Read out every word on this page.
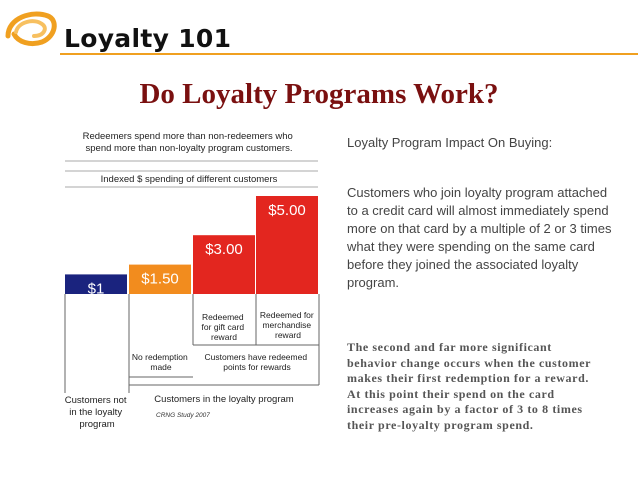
Loyalty 101
Do Loyalty Programs Work?
Redeemers spend more than non-redeemers who spend more than non-loyalty program customers.
Indexed $ spending of different customers
$1
$1.50
$3.00
$5.00
Redeemed for gift card reward
Redeemed for merchandise reward
No redemption made
Customers have redeemed points for rewards
Customers in the loyalty program
Customers not in the loyalty program
CRNG Study 2007
Loyalty Program Impact On Buying:
Customers who join loyalty program attached to a credit card will almost immediately spend more on that card by a multiple of 2 or 3 times what they were spending on the same card before they joined the associated loyalty program.
The second and far more significant behavior change occurs when the customer makes their first redemption for a reward. At this point their spend on the card increases again by a factor of 3 to 8 times their pre-loyalty program spend.
